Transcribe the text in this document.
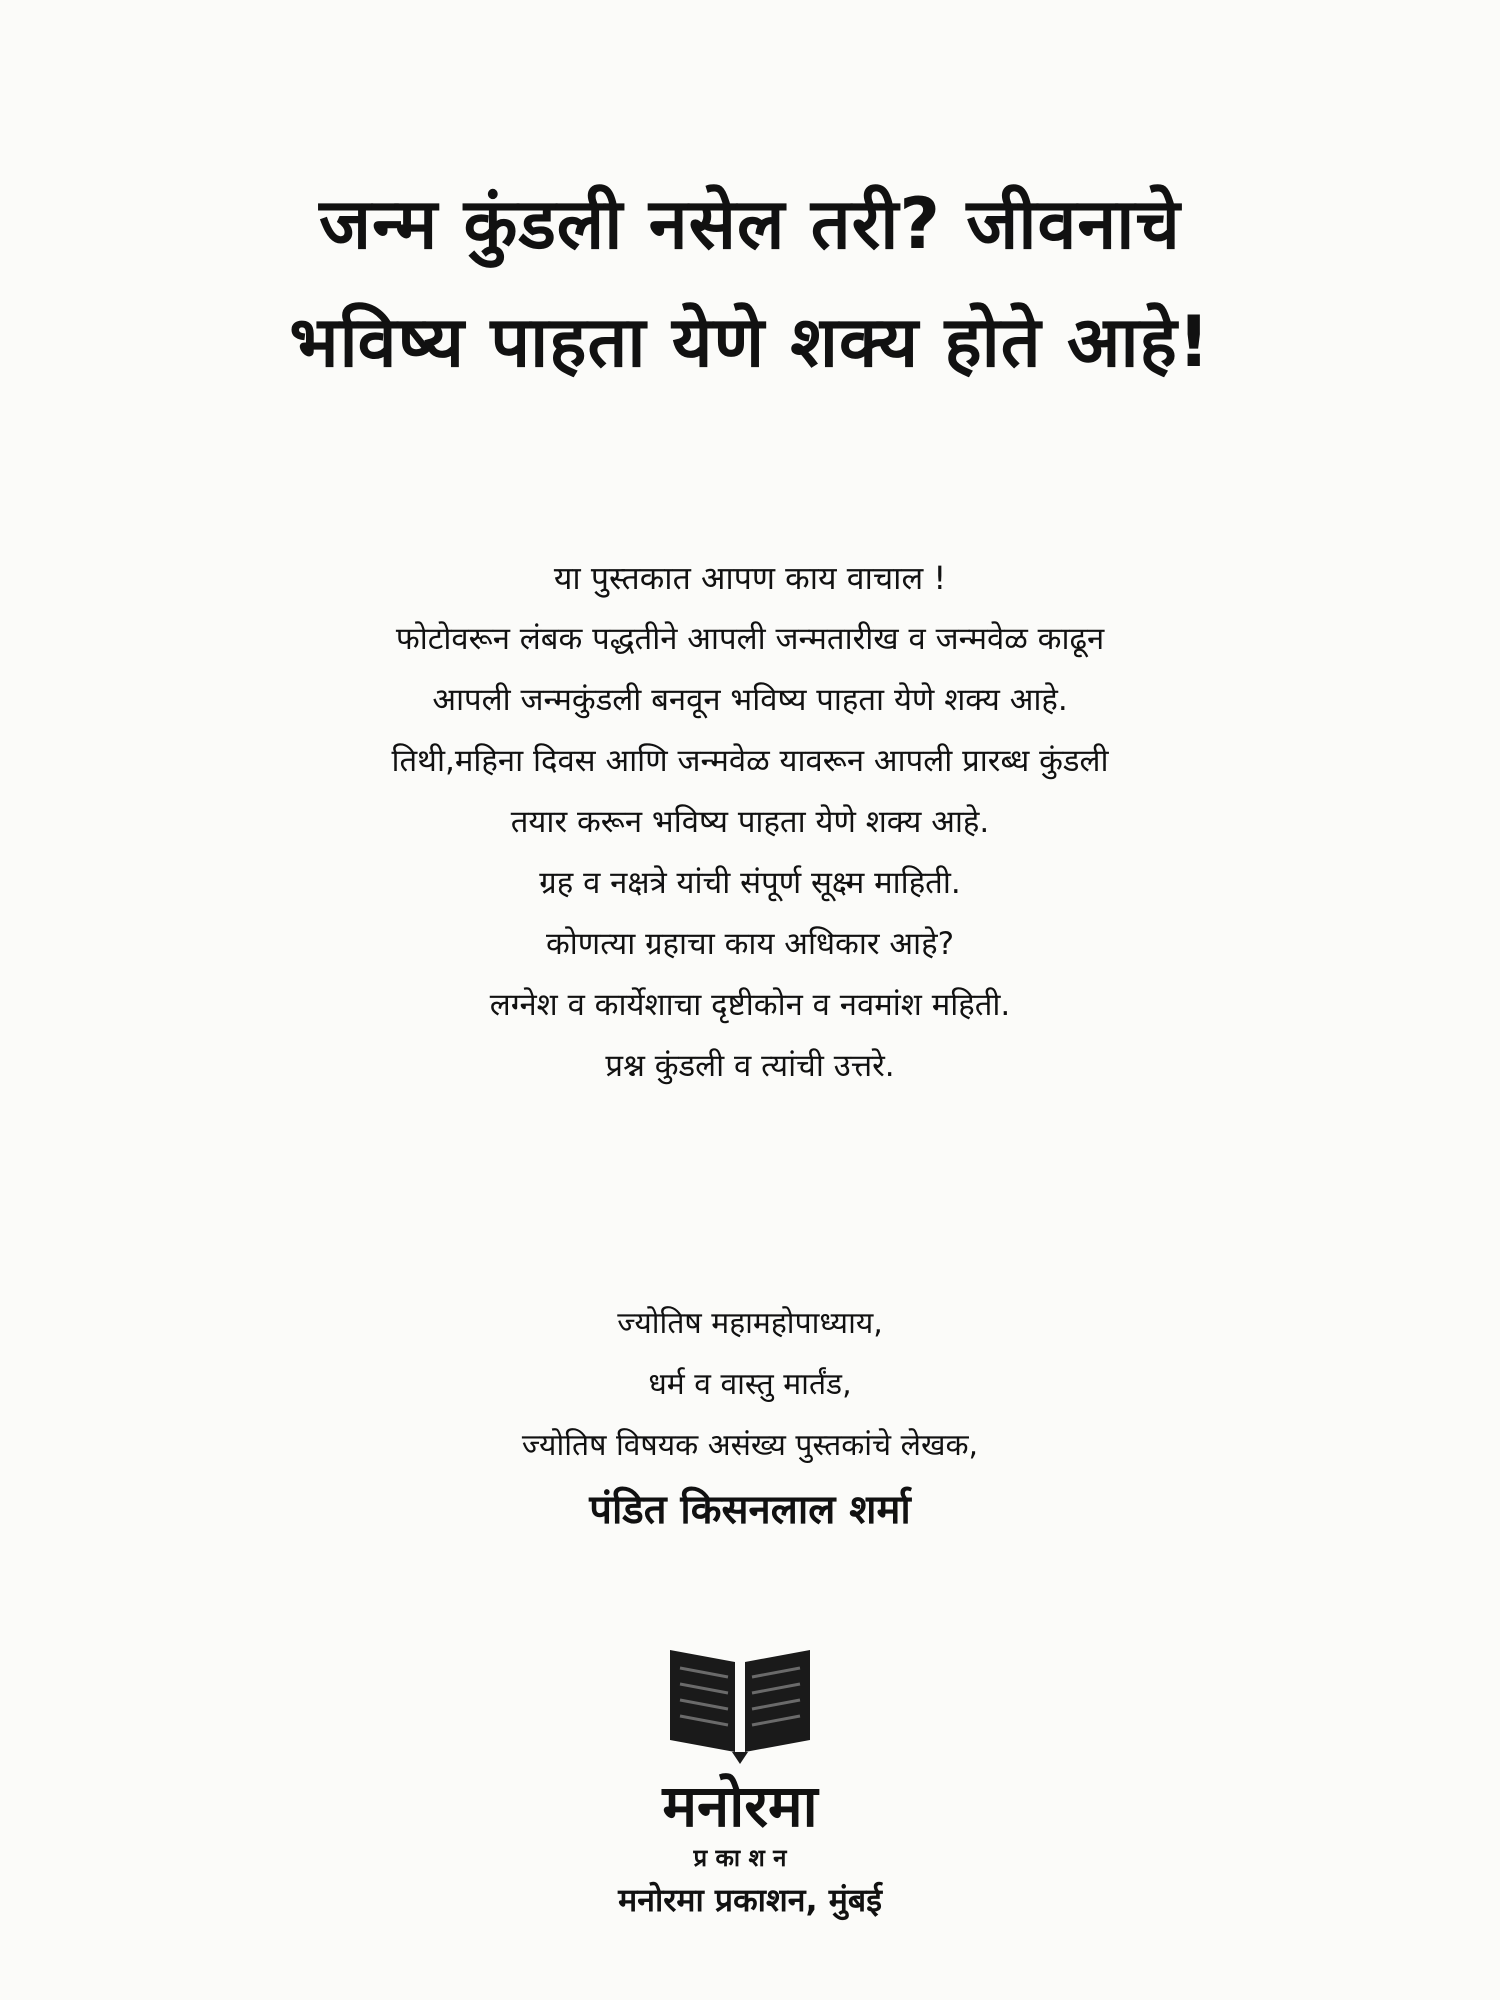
जन्म कुंडली नसेल तरी? जीवनाचे
भविष्य पाहता येणे शक्य होते आहे!
या पुस्तकात आपण काय वाचाल !
फोटोवरून लंबक पद्धतीने आपली जन्मतारीख व जन्मवेळ काढून
आपली जन्मकुंडली बनवून भविष्य पाहता येणे शक्य आहे.
तिथी,महिना दिवस आणि जन्मवेळ यावरून आपली प्रारब्ध कुंडली
तयार करून भविष्य पाहता येणे शक्य आहे.
ग्रह व नक्षत्रे यांची संपूर्ण सूक्ष्म माहिती.
कोणत्या ग्रहाचा काय अधिकार आहे?
लग्नेश व कार्येशाचा दृष्टीकोन व नवमांश महिती.
प्रश्न कुंडली व त्यांची उत्तरे.
ज्योतिष महामहोपाध्याय,
धर्म व वास्तु मार्तंड,
ज्योतिष विषयक असंख्य पुस्तकांचे लेखक,
पंडित किसनलाल शर्मा
मनोरमा
प्र का श न
मनोरमा प्रकाशन, मुंबई
